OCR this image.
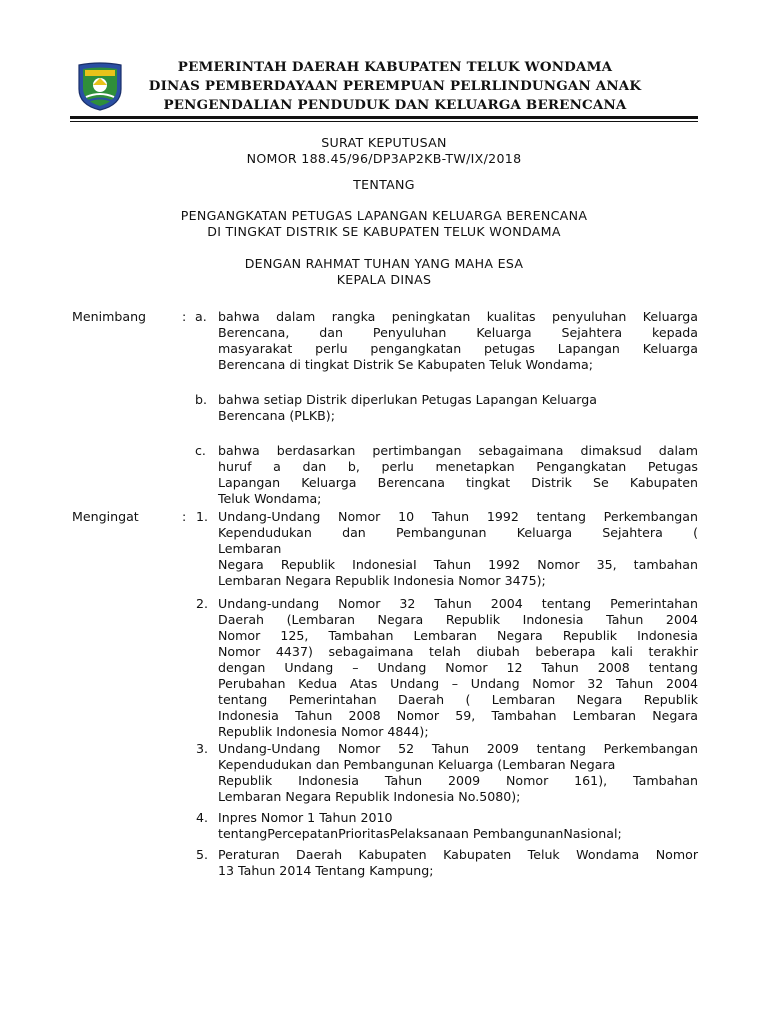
PEMERINTAH DAERAH KABUPATEN TELUK WONDAMA
DINAS PEMBERDAYAAN PEREMPUAN PELRLINDUNGAN ANAK
PENGENDALIAN PENDUDUK DAN KELUARGA BERENCANA
SURAT KEPUTUSAN
NOMOR 188.45/96/DP3AP2KB-TW/IX/2018
TENTANG
PENGANGKATAN PETUGAS LAPANGAN KELUARGA BERENCANA
DI TINGKAT DISTRIK SE KABUPATEN TELUK WONDAMA
DENGAN RAHMAT TUHAN YANG MAHA ESA
KEPALA DINAS
Menimbang	: a. bahwa dalam rangka peningkatan kualitas penyuluhan Keluarga
Berencana, dan Penyuluhan Keluarga Sejahtera kepada
masyarakat perlu pengangkatan petugas Lapangan Keluarga
Berencana di tingkat Distrik Se Kabupaten Teluk Wondama;
b. bahwa setiap Distrik diperlukan Petugas Lapangan Keluarga
Berencana (PLKB);
c. bahwa berdasarkan pertimbangan sebagaimana dimaksud dalam
huruf a dan b, perlu menetapkan Pengangkatan Petugas
Lapangan Keluarga Berencana tingkat Distrik Se Kabupaten
Teluk Wondama;
Mengingat	: 1. Undang-Undang Nomor 10 Tahun 1992 tentang Perkembangan
Kependudukan dan Pembangunan Keluarga Sejahtera (
Lembaran
Negara Republik IndonesiaI Tahun 1992 Nomor 35, tambahan
Lembaran Negara Republik Indonesia Nomor 3475);
2. Undang-undang Nomor 32 Tahun 2004 tentang Pemerintahan
Daerah (Lembaran Negara Republik Indonesia Tahun 2004
Nomor 125, Tambahan Lembaran Negara Republik Indonesia
Nomor 4437) sebagaimana telah diubah beberapa kali terakhir
dengan Undang – Undang Nomor 12 Tahun 2008 tentang
Perubahan Kedua Atas Undang – Undang Nomor 32 Tahun 2004
tentang Pemerintahan Daerah ( Lembaran Negara Republik
Indonesia Tahun 2008 Nomor 59, Tambahan Lembaran Negara
Republik Indonesia Nomor 4844);
3. Undang-Undang Nomor 52 Tahun 2009 tentang Perkembangan
Kependudukan dan Pembangunan Keluarga (Lembaran Negara
Republik Indonesia Tahun 2009 Nomor 161), Tambahan
Lembaran Negara Republik Indonesia No.5080);
4. Inpres Nomor 1 Tahun 2010
tentangPercepatanPrioritasPelaksanaan PembangunanNasional;
5. Peraturan Daerah Kabupaten Kabupaten Teluk Wondama Nomor
13 Tahun 2014 Tentang Kampung;
